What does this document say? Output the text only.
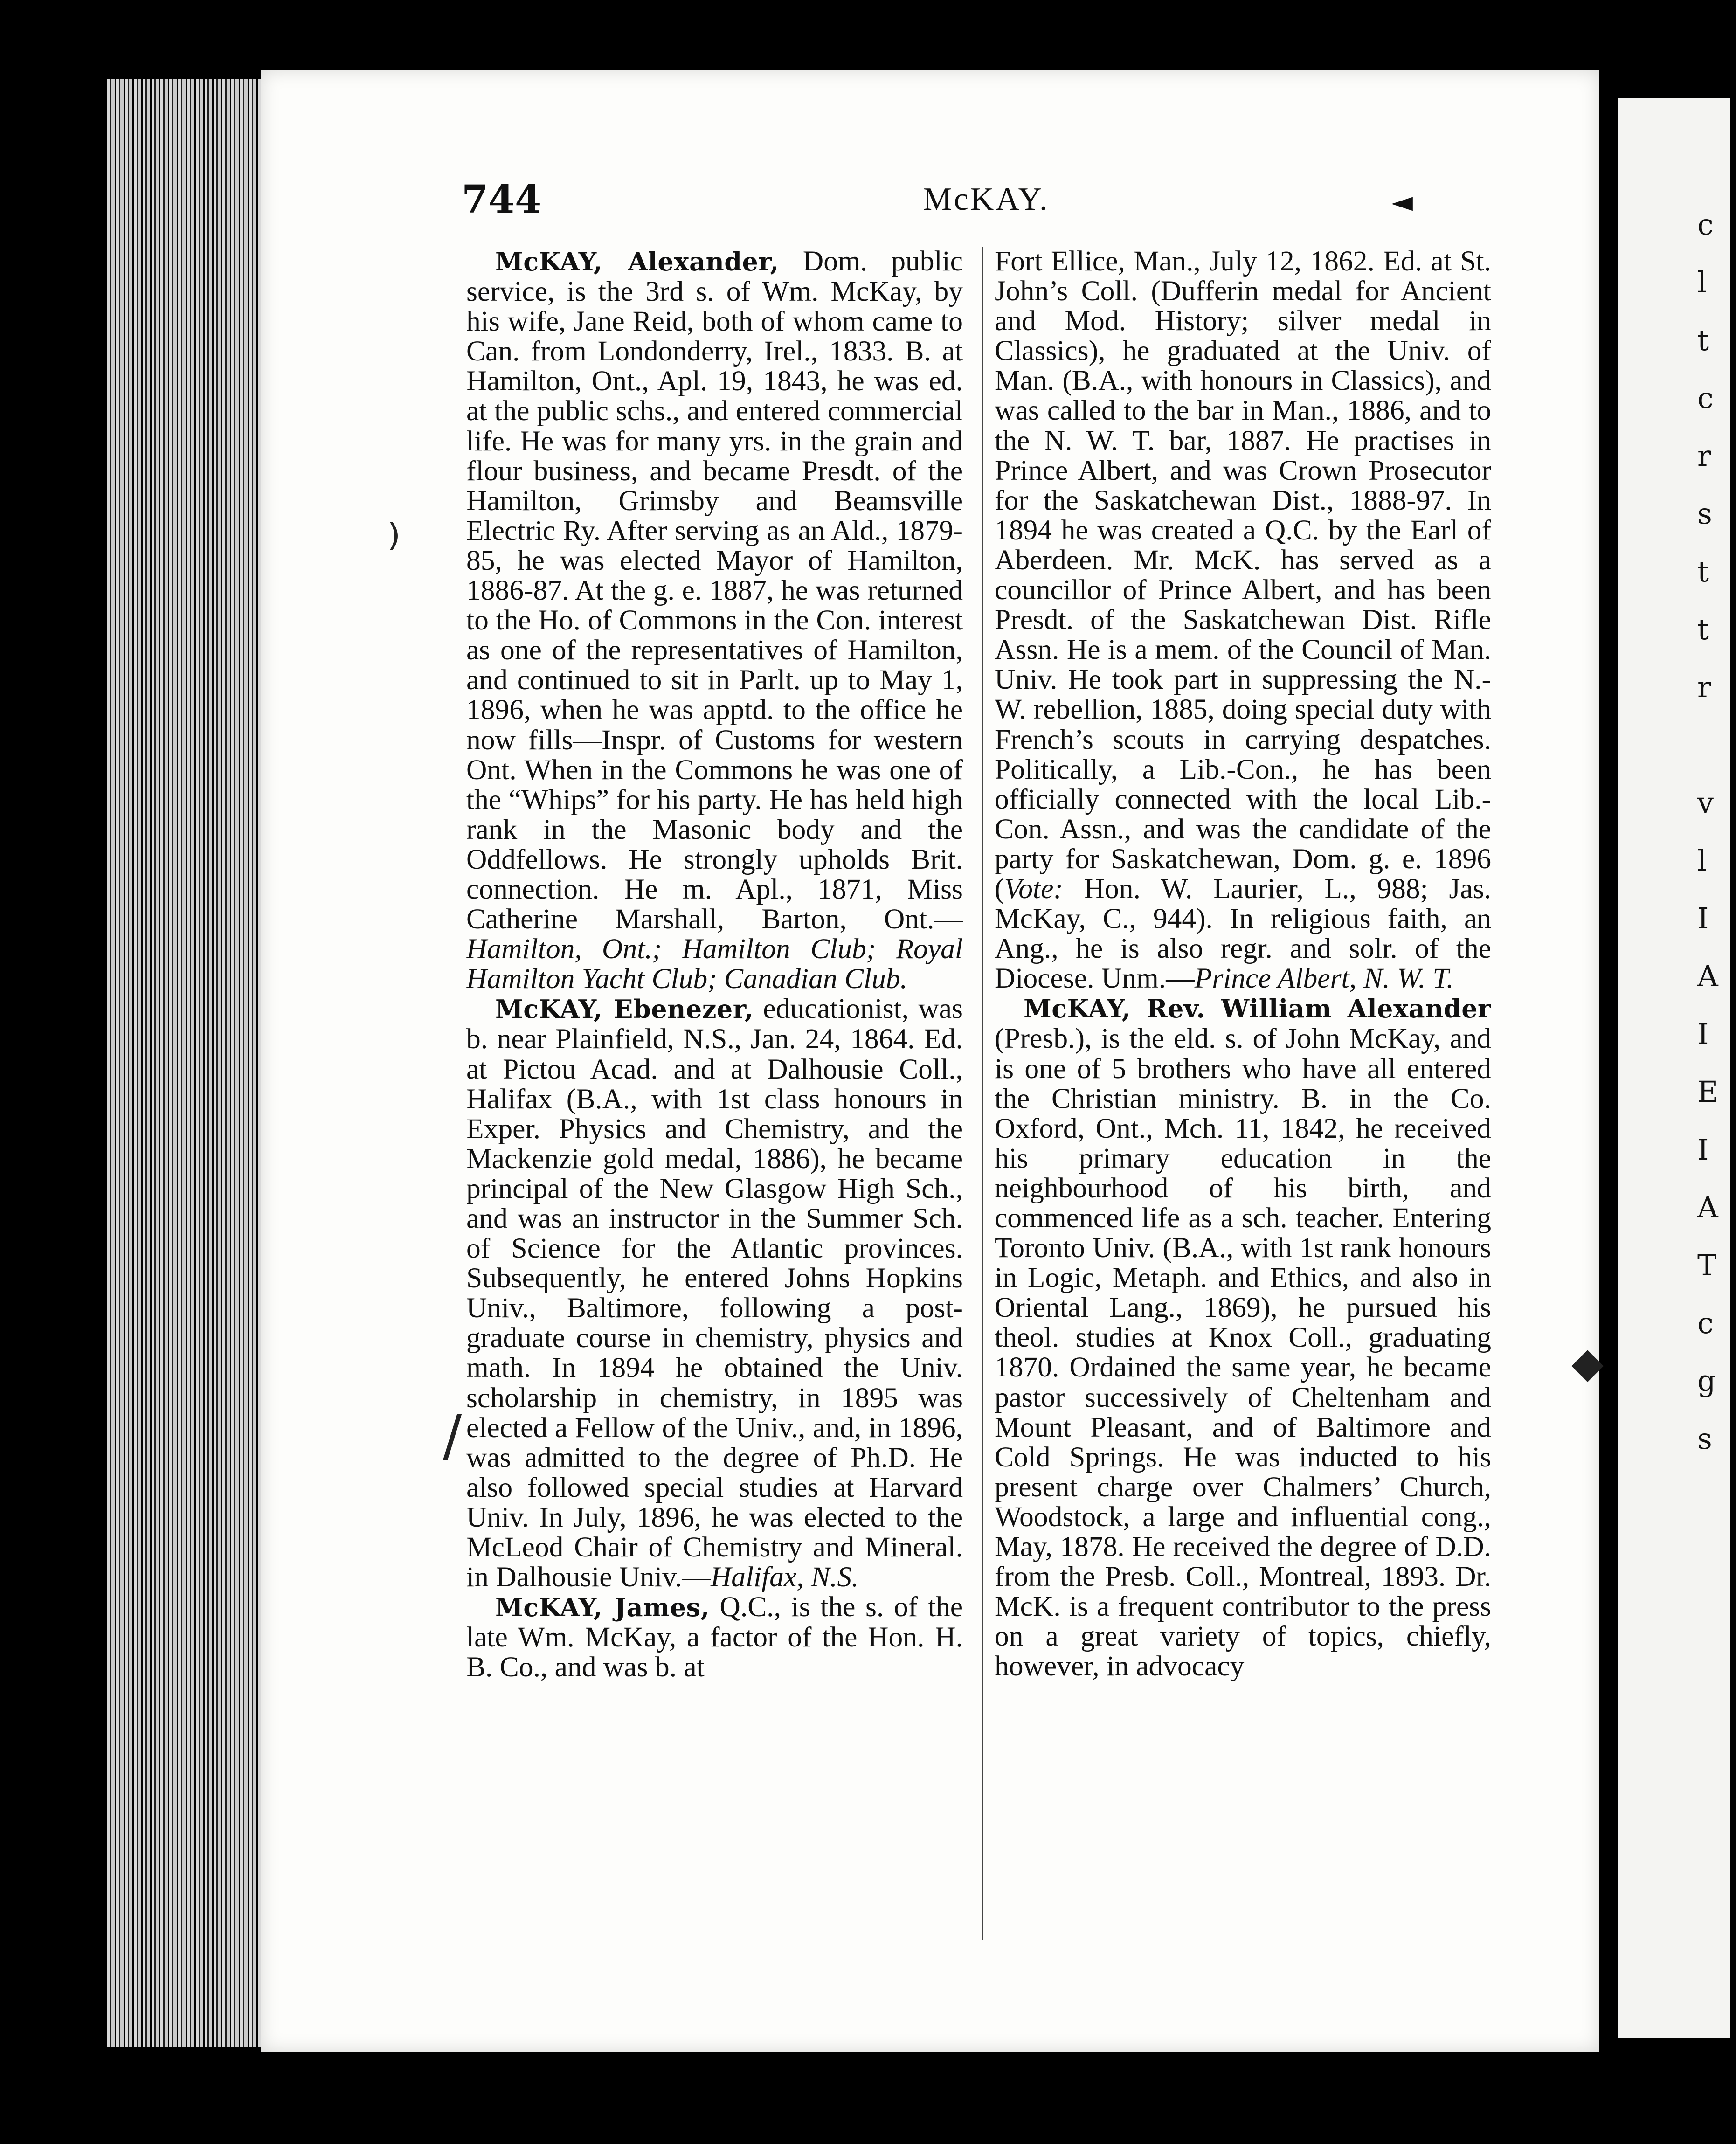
c
l
t
c
r
s
t
t
r

v
l
I
A
I
E
I
A
T
c
g
s
744	McKAY.	◄

McKAY, Alexander, Dom. public service, is the 3rd s. of Wm. McKay, by his wife, Jane Reid, both of whom came to Can. from Londonderry, Irel., 1833. B. at Hamilton, Ont., Apl. 19, 1843, he was ed. at the public schs., and entered commercial life. He was for many yrs. in the grain and flour business, and became Presdt. of the Hamilton, Grimsby and Beamsville Electric Ry. After serving as an Ald., 1879-85, he was elected Mayor of Hamilton, 1886-87. At the g. e. 1887, he was returned to the Ho. of Commons in the Con. interest as one of the representatives of Hamilton, and continued to sit in Parlt. up to May 1, 1896, when he was apptd. to the office he now fills—Inspr. of Customs for western Ont. When in the Commons he was one of the “Whips” for his party. He has held high rank in the Masonic body and the Oddfellows. He strongly upholds Brit. connection. He m. Apl., 1871, Miss Catherine Marshall, Barton, Ont.—Hamilton, Ont.; Hamilton Club; Royal Hamilton Yacht Club; Canadian Club.

McKAY, Ebenezer, educationist, was b. near Plainfield, N.S., Jan. 24, 1864. Ed. at Pictou Acad. and at Dalhousie Coll., Halifax (B.A., with 1st class honours in Exper. Physics and Chemistry, and the Mackenzie gold medal, 1886), he became principal of the New Glasgow High Sch., and was an instructor in the Summer Sch. of Science for the Atlantic provinces. Subsequently, he entered Johns Hopkins Univ., Baltimore, following a post-graduate course in chemistry, physics and math. In 1894 he obtained the Univ. scholarship in chemistry, in 1895 was elected a Fellow of the Univ., and, in 1896, was admitted to the degree of Ph.D. He also followed special studies at Harvard Univ. In July, 1896, he was elected to the McLeod Chair of Chemistry and Mineral. in Dalhousie Univ.—Halifax, N.S.

McKAY, James, Q.C., is the s. of the late Wm. McKay, a factor of the Hon. H. B. Co., and was b. at

Fort Ellice, Man., July 12, 1862. Ed. at St. John’s Coll. (Dufferin medal for Ancient and Mod. History; silver medal in Classics), he graduated at the Univ. of Man. (B.A., with honours in Classics), and was called to the bar in Man., 1886, and to the N. W. T. bar, 1887. He practises in Prince Albert, and was Crown Prosecutor for the Saskatchewan Dist., 1888-97. In 1894 he was created a Q.C. by the Earl of Aberdeen. Mr. McK. has served as a councillor of Prince Albert, and has been Presdt. of the Saskatchewan Dist. Rifle Assn. He is a mem. of the Council of Man. Univ. He took part in suppressing the N.-W. rebellion, 1885, doing special duty with French’s scouts in carrying despatches. Politically, a Lib.-Con., he has been officially connected with the local Lib.-Con. Assn., and was the candidate of the party for Saskatchewan, Dom. g. e. 1896 (Vote: Hon. W. Laurier, L., 988; Jas. McKay, C., 944). In religious faith, an Ang., he is also regr. and solr. of the Diocese. Unm.—Prince Albert, N. W. T.

McKAY, Rev. William Alexander (Presb.), is the eld. s. of John McKay, and is one of 5 brothers who have all entered the Christian ministry. B. in the Co. Oxford, Ont., Mch. 11, 1842, he received his primary education in the neighbourhood of his birth, and commenced life as a sch. teacher. Entering Toronto Univ. (B.A., with 1st rank honours in Logic, Metaph. and Ethics, and also in Oriental Lang., 1869), he pursued his theol. studies at Knox Coll., graduating 1870. Ordained the same year, he became pastor successively of Cheltenham and Mount Pleasant, and of Baltimore and Cold Springs. He was inducted to his present charge over Chalmers’ Church, Woodstock, a large and influential cong., May, 1878. He received the degree of D.D. from the Presb. Coll., Montreal, 1893. Dr. McK. is a frequent contributor to the press on a great variety of topics, chiefly, however, in advocacy

⁾
/
◆
